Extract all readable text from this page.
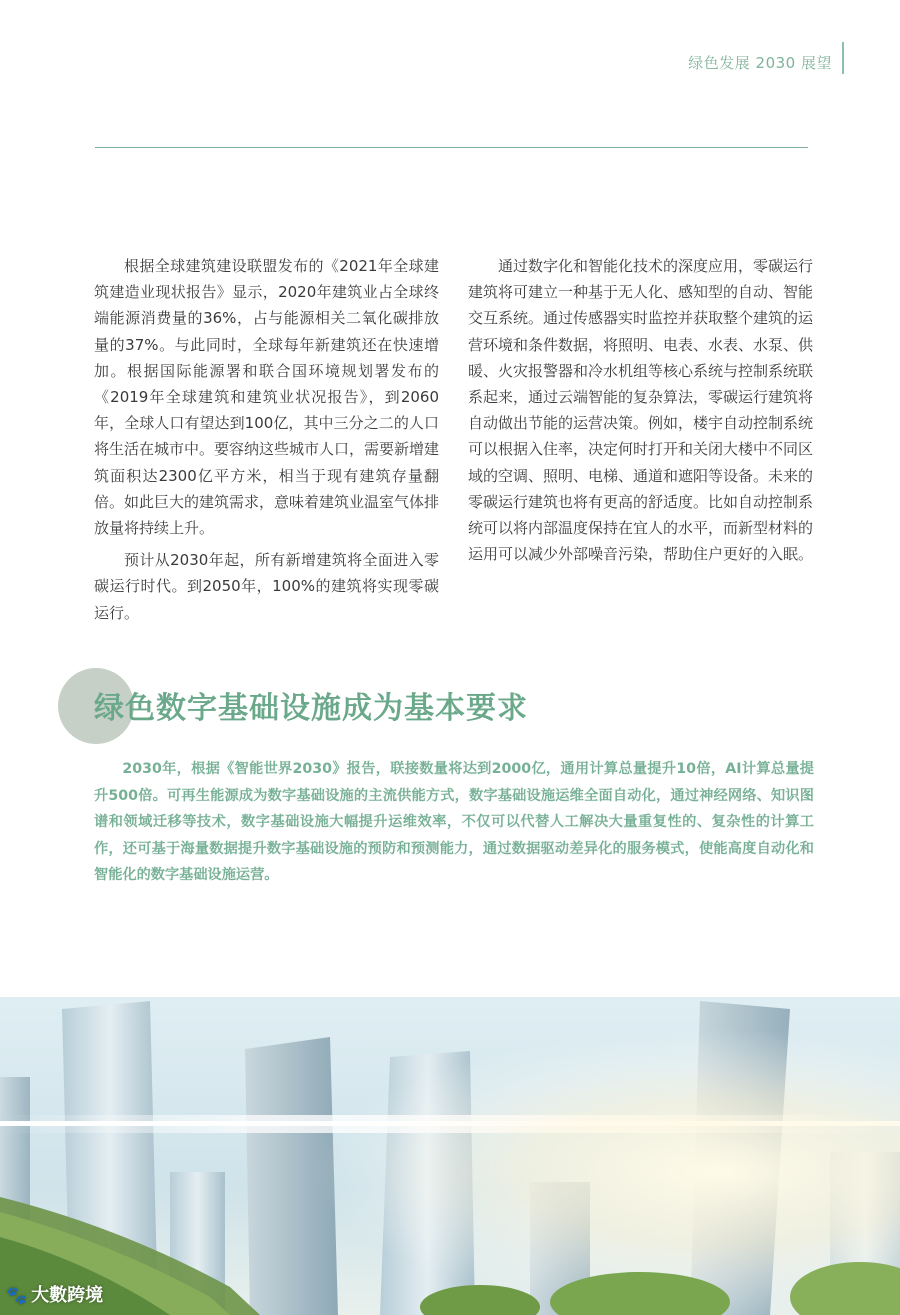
绿色发展 2030 展望

根据全球建筑建设联盟发布的《2021年全球建筑建造业现状报告》显示，2020年建筑业占全球终端能源消费量的36%，占与能源相关二氧化碳排放量的37%。与此同时，全球每年新建筑还在快速增加。根据国际能源署和联合国环境规划署发布的《2019年全球建筑和建筑业状况报告》，到2060年，全球人口有望达到100亿，其中三分之二的人口将生活在城市中。要容纳这些城市人口，需要新增建筑面积达2300亿平方米，相当于现有建筑存量翻倍。如此巨大的建筑需求，意味着建筑业温室气体排放量将持续上升。

预计从2030年起，所有新增建筑将全面进入零碳运行时代。到2050年，100%的建筑将实现零碳运行。

通过数字化和智能化技术的深度应用，零碳运行建筑将可建立一种基于无人化、感知型的自动、智能交互系统。通过传感器实时监控并获取整个建筑的运营环境和条件数据，将照明、电表、水表、水泵、供暖、火灾报警器和冷水机组等核心系统与控制系统联系起来，通过云端智能的复杂算法，零碳运行建筑将自动做出节能的运营决策。例如，楼宇自动控制系统可以根据入住率，决定何时打开和关闭大楼中不同区域的空调、照明、电梯、通道和遮阳等设备。未来的零碳运行建筑也将有更高的舒适度。比如自动控制系统可以将内部温度保持在宜人的水平，而新型材料的运用可以减少外部噪音污染，帮助住户更好的入眠。

绿色数字基础设施成为基本要求

2030年，根据《智能世界2030》报告，联接数量将达到2000亿，通用计算总量提升10倍，AI计算总量提升500倍。可再生能源成为数字基础设施的主流供能方式，数字基础设施运维全面自动化，通过神经网络、知识图谱和领域迁移等技术，数字基础设施大幅提升运维效率，不仅可以代替人工解决大量重复性的、复杂性的计算工作，还可基于海量数据提升数字基础设施的预防和预测能力，通过数据驱动差异化的服务模式，使能高度自动化和智能化的数字基础设施运营。

🐾 大數跨境
